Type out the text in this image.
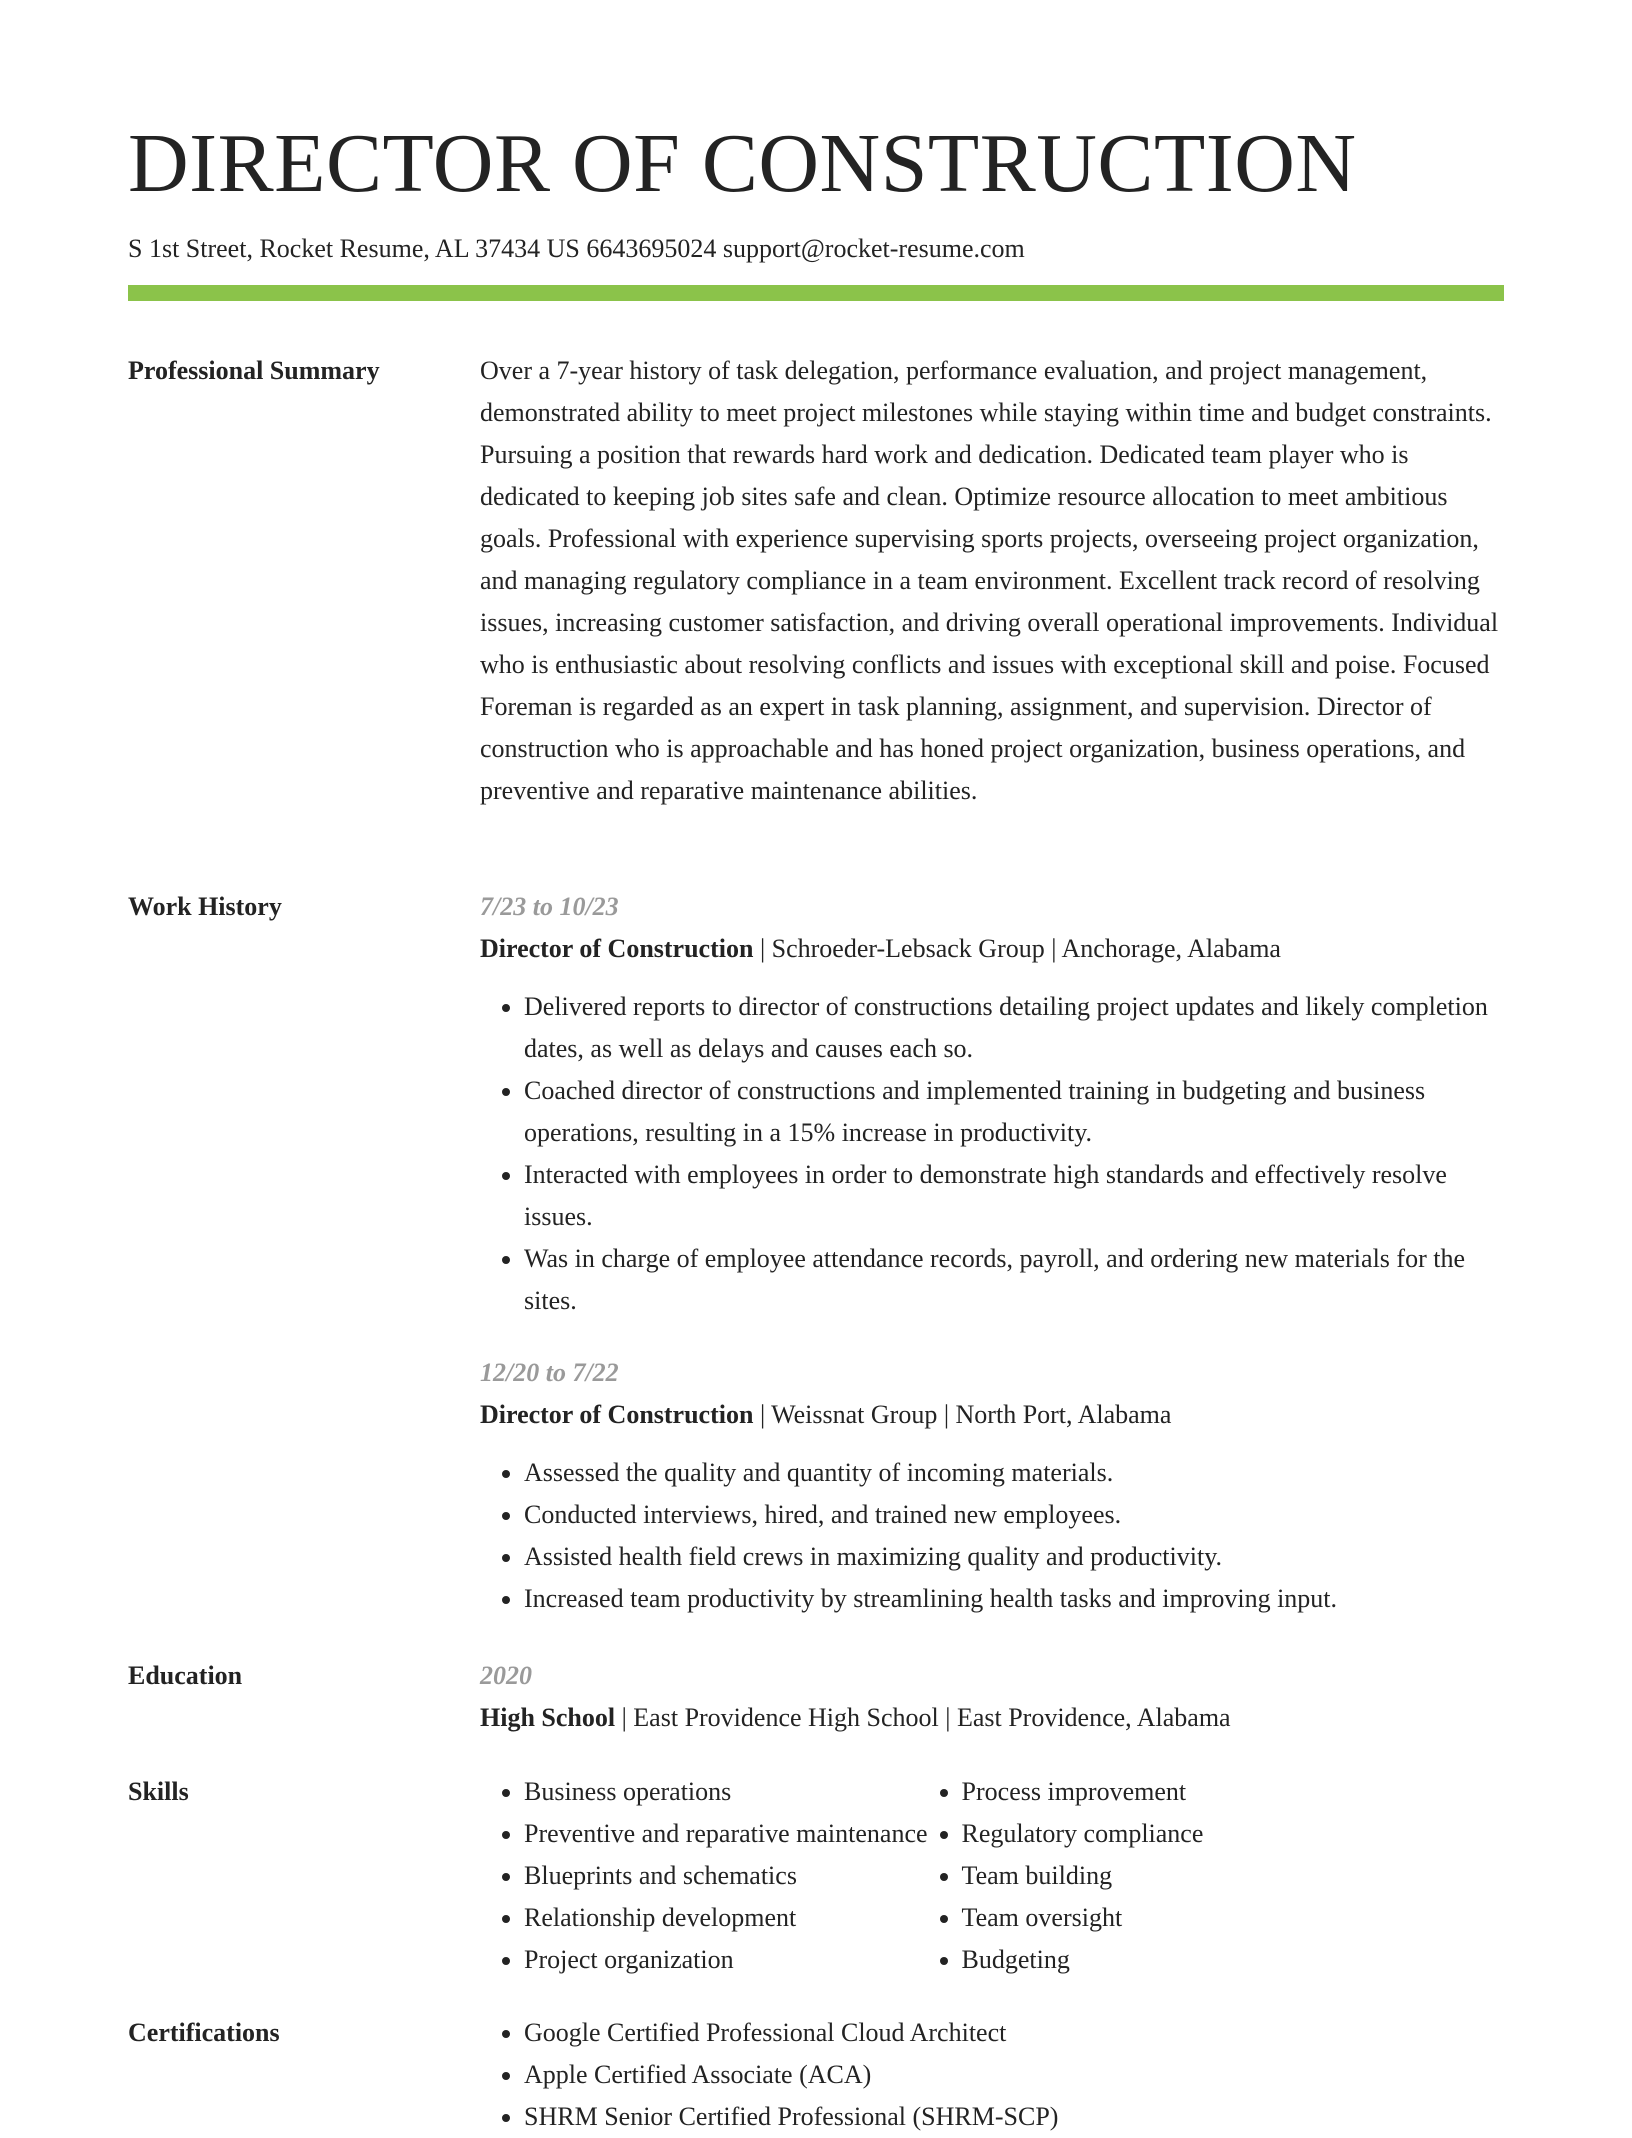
DIRECTOR OF CONSTRUCTION
S 1st Street, Rocket Resume, AL 37434 US 6643695024 support@rocket-resume.com
Professional Summary	Over a 7-year history of task delegation, performance evaluation, and project management, demonstrated ability to meet project milestones while staying within time and budget constraints. Pursuing a position that rewards hard work and dedication. Dedicated team player who is dedicated to keeping job sites safe and clean. Optimize resource allocation to meet ambitious goals. Professional with experience supervising sports projects, overseeing project organization, and managing regulatory compliance in a team environment. Excellent track record of resolving issues, increasing customer satisfaction, and driving overall operational improvements. Individual who is enthusiastic about resolving conflicts and issues with exceptional skill and poise. Focused Foreman is regarded as an expert in task planning, assignment, and supervision. Director of construction who is approachable and has honed project organization, business operations, and preventive and reparative maintenance abilities.

Work History	7/23 to 10/23
Director of Construction | Schroeder-Lebsack Group | Anchorage, Alabama
• Delivered reports to director of constructions detailing project updates and likely completion dates, as well as delays and causes each so.
• Coached director of constructions and implemented training in budgeting and business operations, resulting in a 15% increase in productivity.
• Interacted with employees in order to demonstrate high standards and effectively resolve issues.
• Was in charge of employee attendance records, payroll, and ordering new materials for the sites.
12/20 to 7/22
Director of Construction | Weissnat Group | North Port, Alabama
• Assessed the quality and quantity of incoming materials.
• Conducted interviews, hired, and trained new employees.
• Assisted health field crews in maximizing quality and productivity.
• Increased team productivity by streamlining health tasks and improving input.
Education	2020
High School | East Providence High School | East Providence, Alabama
Skills	• Business operations
• Preventive and reparative maintenance
• Blueprints and schematics
• Relationship development
• Project organization
• Process improvement
• Regulatory compliance
• Team building
• Team oversight
• Budgeting
Certifications	• Google Certified Professional Cloud Architect
• Apple Certified Associate (ACA)
• SHRM Senior Certified Professional (SHRM-SCP)
